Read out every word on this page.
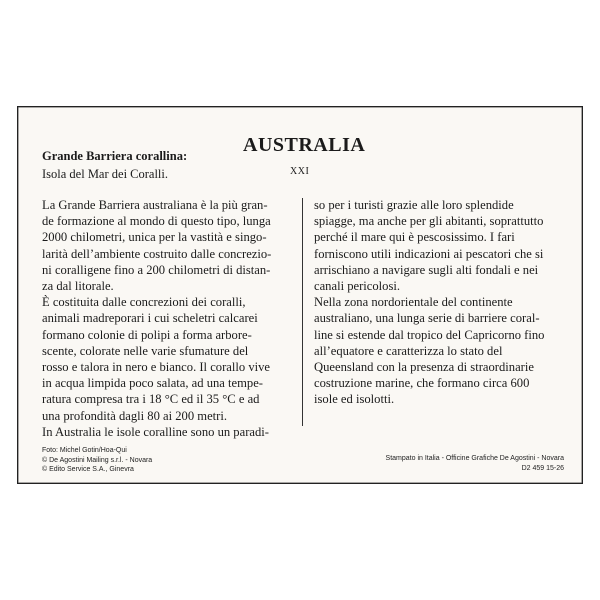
AUSTRALIA
Grande Barriera corallina:
Isola del Mar dei Coralli.	XXI

La Grande Barriera australiana è la più gran-

de formazione al mondo di questo tipo, lunga

2000 chilometri, unica per la vastità e singo-

larità dell’ambiente costruito dalle concrezio-

ni coralligene fino a 200 chilometri di distan-

za dal litorale.

È costituita dalle concrezioni dei coralli,

animali madreporari i cui scheletri calcarei

formano colonie di polipi a forma arbore-

scente, colorate nelle varie sfumature del

rosso e talora in nero e bianco. Il corallo vive

in acqua limpida poco salata, ad una tempe-

ratura compresa tra i 18 °C ed il 35 °C e ad

una profondità dagli 80 ai 200 metri.

In Australia le isole coralline sono un paradi-

so per i turisti grazie alle loro splendide

spiagge, ma anche per gli abitanti, soprattutto

perché il mare qui è pescosissimo. I fari

forniscono utili indicazioni ai pescatori che si

arrischiano a navigare sugli alti fondali e nei

canali pericolosi.

Nella zona nordorientale del continente

australiano, una lunga serie di barriere coral-

line si estende dal tropico del Capricorno fino

all’equatore e caratterizza lo stato del

Queensland con la presenza di straordinarie

costruzione marine, che formano circa 600

isole ed isolotti.

Foto: Michel Gotin/Hoa-Qui
© De Agostini Mailing s.r.l. - Novara
© Edito Service S.A., Ginevra
Stampato in Italia - Officine Grafiche De Agostini - Novara
D2 459 15-26
